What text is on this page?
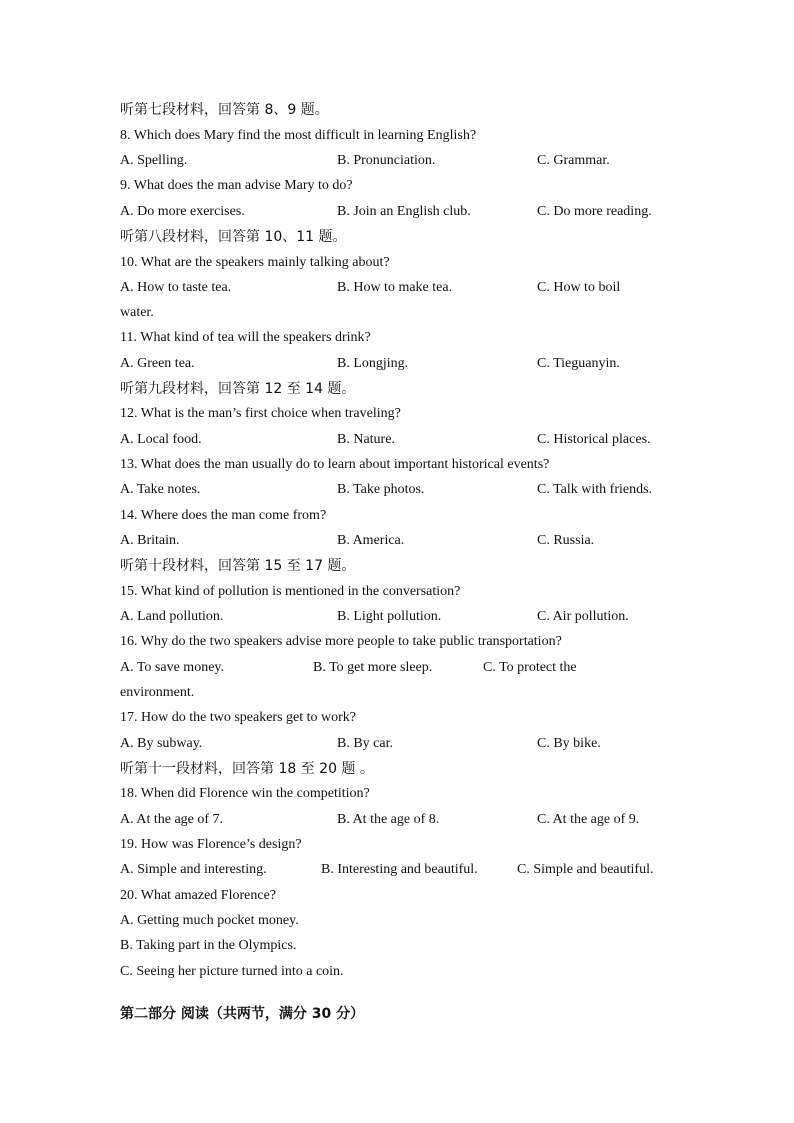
听第七段材料，回答第 8、9 题。
8. Which does Mary find the most difficult in learning English?
A. Spelling.	B. Pronunciation.	C. Grammar.
9. What does the man advise Mary to do?
A. Do more exercises.	B. Join an English club.	C. Do more reading.
听第八段材料，回答第 10、11 题。
10. What are the speakers mainly talking about?
A. How to taste tea.	B. How to make tea.	C. How to boil
water.
11. What kind of tea will the speakers drink?
A. Green tea.	B. Longjing.	C. Tieguanyin.
听第九段材料，回答第 12 至 14 题。
12. What is the man’s first choice when traveling?
A. Local food.	B. Nature.	C. Historical places.
13. What does the man usually do to learn about important historical events?
A. Take notes.	B. Take photos.	C. Talk with friends.
14. Where does the man come from?
A. Britain.	B. America.	C. Russia.
听第十段材料，回答第 15 至 17 题。
15. What kind of pollution is mentioned in the conversation?
A. Land pollution.	B. Light pollution.	C. Air pollution.
16. Why do the two speakers advise more people to take public transportation?
A. To save money.	B. To get more sleep.	C. To protect the
environment.
17. How do the two speakers get to work?
A. By subway.	B. By car.	C. By bike.
听第十一段材料，回答第 18 至 20 题 。
18. When did Florence win the competition?
A. At the age of 7.	B. At the age of 8.	C. At the age of 9.
19. How was Florence’s design?
A. Simple and interesting.	B. Interesting and beautiful.	C. Simple and beautiful.
20. What amazed Florence?
A. Getting much pocket money.
B. Taking part in the Olympics.
C. Seeing her picture turned into a coin.
第二部分 阅读（共两节，满分 30 分）
